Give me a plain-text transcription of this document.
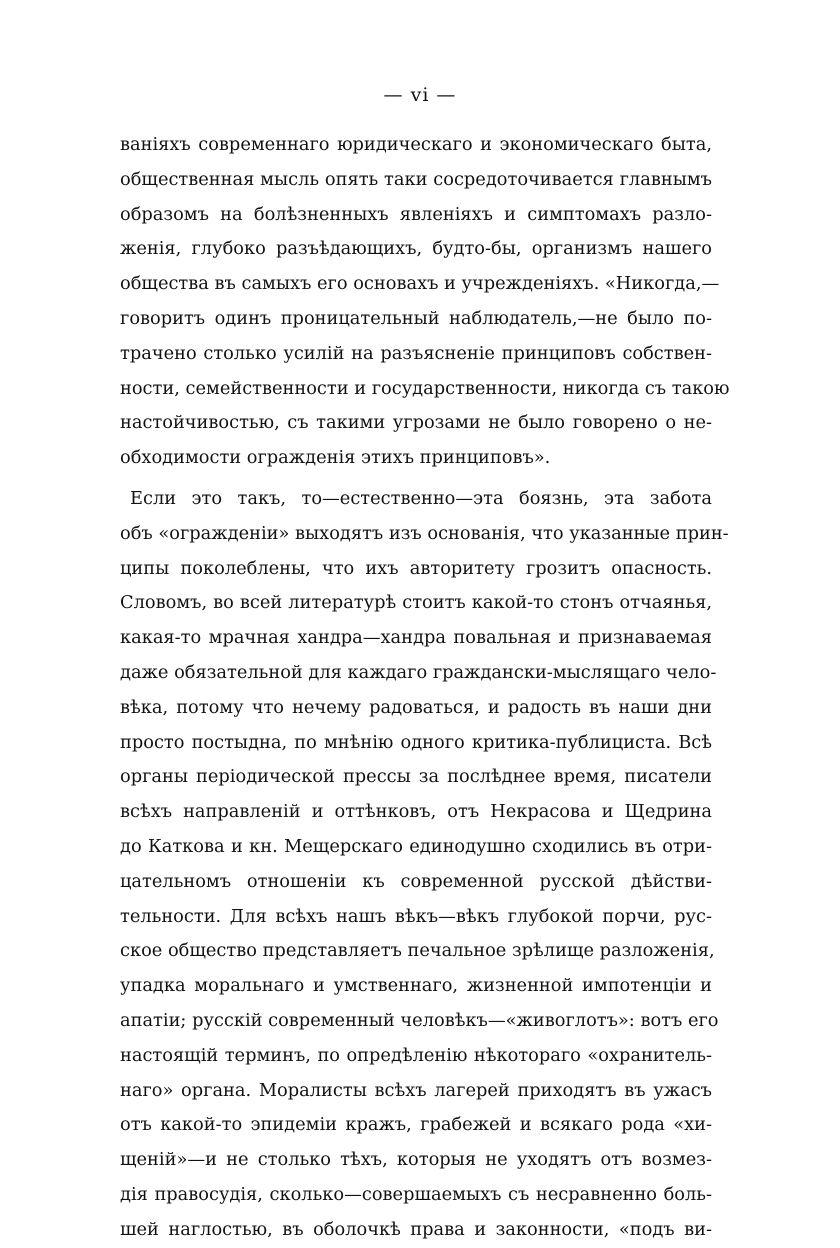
— vi —
ваніяхъ современнаго юридическаго и экономическаго быта,
общественная мысль опять таки сосредоточивается главнымъ
образомъ на болѣзненныхъ явленіяхъ и симптомахъ разло-
женія, глубоко разъѣдающихъ, будто-бы, организмъ нашего
общества въ самыхъ его основахъ и учрежденіяхъ. «Никогда,—
говоритъ одинъ проницательный наблюдатель,—не было по-
трачено столько усилій на разъясненіе принциповъ собствен-
ности, семейственности и государственности, никогда съ такою
настойчивостью, съ такими угрозами не было говорено о не-
обходимости огражденія этихъ принциповъ».
Если это такъ, то—естественно—эта боязнь, эта забота
объ «огражденіи» выходятъ изъ основанія, что указанные прин-
ципы поколеблены, что ихъ авторитету грозитъ опасность.
Словомъ, во всей литературѣ стоитъ какой-то стонъ отчаянья,
какая-то мрачная хандра—хандра повальная и признаваемая
даже обязательной для каждаго граждански-мыслящаго чело-
вѣка, потому что нечему радоваться, и радость въ наши дни
просто постыдна, по мнѣнію одного критика-публициста. Всѣ
органы періодической прессы за послѣднее время, писатели
всѣхъ направленій и оттѣнковъ, отъ Некрасова и Щедрина
до Каткова и кн. Мещерскаго единодушно сходились въ отри-
цательномъ отношеніи къ современной русской дѣйстви-
тельности. Для всѣхъ нашъ вѣкъ—вѣкъ глубокой порчи, рус-
ское общество представляетъ печальное зрѣлище разложенія,
упадка моральнаго и умственнаго, жизненной импотенціи и
апатіи; русскій современный человѣкъ—«живоглотъ»: вотъ его
настоящій терминъ, по опредѣленію нѣкотораго «охранитель-
наго» органа. Моралисты всѣхъ лагерей приходятъ въ ужасъ
отъ какой-то эпидеміи кражъ, грабежей и всякаго рода «хи-
щеній»—и не столько тѣхъ, которыя не уходятъ отъ возмез-
дія правосудія, сколько—совершаемыхъ съ несравненно боль-
шей наглостью, въ оболочкѣ права и законности, «подъ ви-
